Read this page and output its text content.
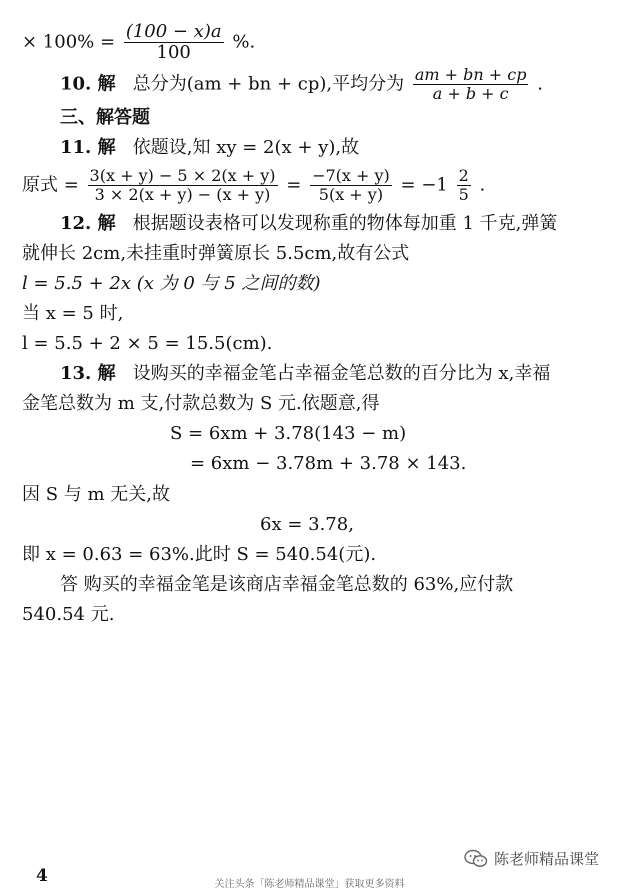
× $100\% = \frac{(100 - x)a}{100}$ %.
10. 解 总分为(am + bn + cp),平均分为 $\frac{am + bn + cp}{a + b + c}$ .
三、解答题
11. 解 依题设,知 xy = 2(x + y),故
原式 = $\frac{3(x + y) - 5 \times 2(x + y)}{3 \times 2(x + y) - (x + y)} = \frac{-7(x + y)}{5(x + y)} = -1 \frac{2}{5}$ .
12. 解 根据题设表格可以发现称重的物体每加重 1 千克,弹簧
就伸长 2cm,未挂重时弹簧原长 5.5cm,故有公式
l = 5.5 + 2x (x 为 0 与 5 之间的数)
当 x = 5 时,
l = 5.5 + 2 × 5 = 15.5(cm).
13. 解 设购买的幸福金笔占幸福金笔总数的百分比为 x,幸福
金笔总数为 m 支,付款总数为 S 元.依题意,得
S = 6xm + 3.78(143 − m)
= 6xm − 3.78m + 3.78 × 143.
因 S 与 m 无关,故
6x = 3.78,
即 x = 0.63 = 63%.此时 S = 540.54(元).
答 购买的幸福金笔是该商店幸福金笔总数的 63%,应付款
540.54 元.
4
陈老师精品课堂
关注头条「陈老师精品课堂」获取更多资料
